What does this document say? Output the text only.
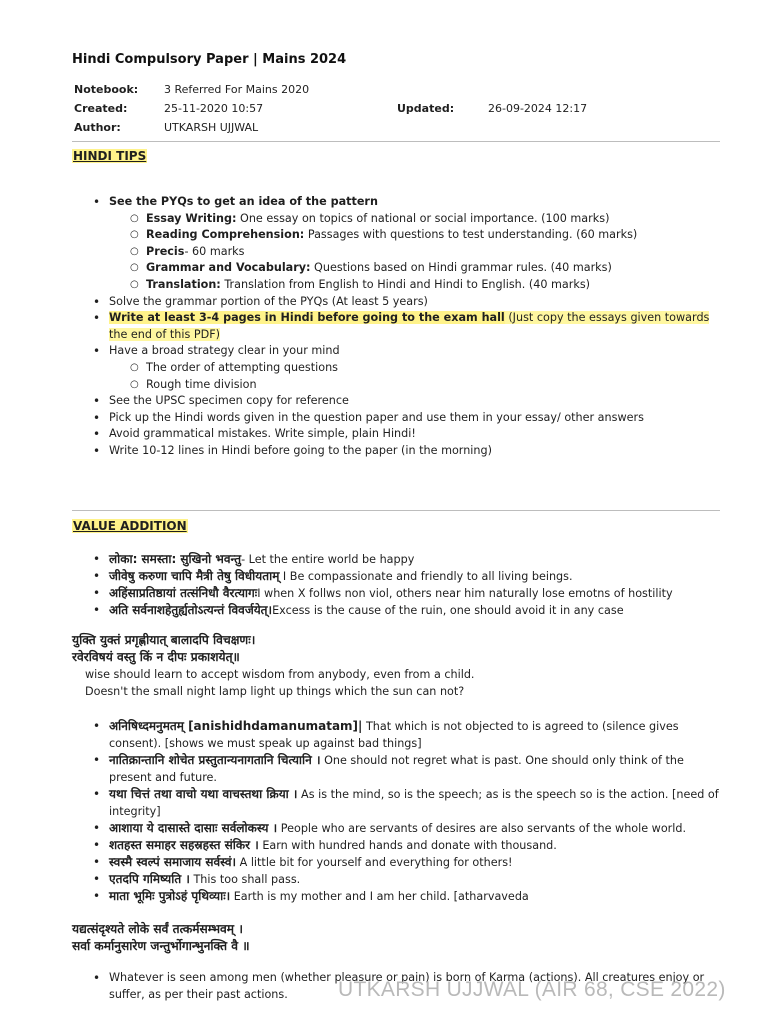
Hindi Compulsory Paper | Mains 2024
Notebook: 3 Referred For Mains 2020
Created:	25-11-2020 10:57	Updated:	26-09-2024 12:17
Author:	UTKARSH UJJWAL
HINDI TIPS
• See the PYQs to get an idea of the pattern
○ Essay Writing: One essay on topics of national or social importance. (100 marks)
○ Reading Comprehension: Passages with questions to test understanding. (60 marks)
○ Precis- 60 marks
○ Grammar and Vocabulary: Questions based on Hindi grammar rules. (40 marks)
○ Translation: Translation from English to Hindi and Hindi to English. (40 marks)
• Solve the grammar portion of the PYQs (At least 5 years)
• Write at least 3-4 pages in Hindi before going to the exam hall (Just copy the essays given towards the end of this PDF)
• Have a broad strategy clear in your mind
○ The order of attempting questions
○ Rough time division
• See the UPSC specimen copy for reference
• Pick up the Hindi words given in the question paper and use them in your essay/ other answers
• Avoid grammatical mistakes. Write simple, plain Hindi!
• Write 10-12 lines in Hindi before going to the paper (in the morning)
VALUE ADDITION
• लोका: समस्ता: सुखिनो भवन्तु- Let the entire world be happy
• जीवेषु करुणा चापि मैत्री तेषु विधीयताम् I Be compassionate and friendly to all living beings.
• अहिंसाप्रतिष्ठायां तत्संनिधौ वैरत्यागःI when X follws non viol, others near him naturally lose emotns of hostility
• अति सर्वनाशहेतुर्ह्यतोऽत्यन्तं विवर्जयेत्।Excess is the cause of the ruin, one should avoid it in any case
युक्ति युक्तं प्रगृह्णीयात् बालादपि विचक्षणः।
रवेरविषयं वस्तु किं न दीपः प्रकाशयेत्॥
wise should learn to accept wisdom from anybody, even from a child.
Doesn't the small night lamp light up things which the sun can not?
• अनिषिध्दमनुमतम् [anishidhdamanumatam]| That which is not objected to is agreed to (silence gives consent). [shows we must speak up against bad things]
• नातिक्रान्तानि शोचेत प्रस्तुतान्यनागतानि चित्यानि । One should not regret what is past. One should only think of the present and future.
• यथा चित्तं तथा वाचो यथा वाचस्तथा क्रिया । As is the mind, so is the speech; as is the speech so is the action. [need of integrity]
• आशाया ये दासास्ते दासाः सर्वलोकस्य । People who are servants of desires are also servants of the whole world.
• शतहस्त समाहर सहस्रहस्त संकिर । Earn with hundred hands and donate with thousand.
• स्वस्मै स्वल्पं समाजाय सर्वस्वं। A little bit for yourself and everything for others!
• एतदपि गमिष्यति । This too shall pass.
• माता भूमिः पुत्रोऽहं पृथिव्याः। Earth is my mother and I am her child. [atharvaveda
यद्यत्संदृश्यते लोके सर्वं तत्कर्मसम्भवम् ।
सर्वा कर्मानुसारेण जन्तुर्भोगान्भुनक्ति वै ॥
• Whatever is seen among men (whether pleasure or pain) is born of Karma (actions). All creatures enjoy or suffer, as per their past actions.	UTKARSH UJJWAL (AIR 68, CSE 2022)
